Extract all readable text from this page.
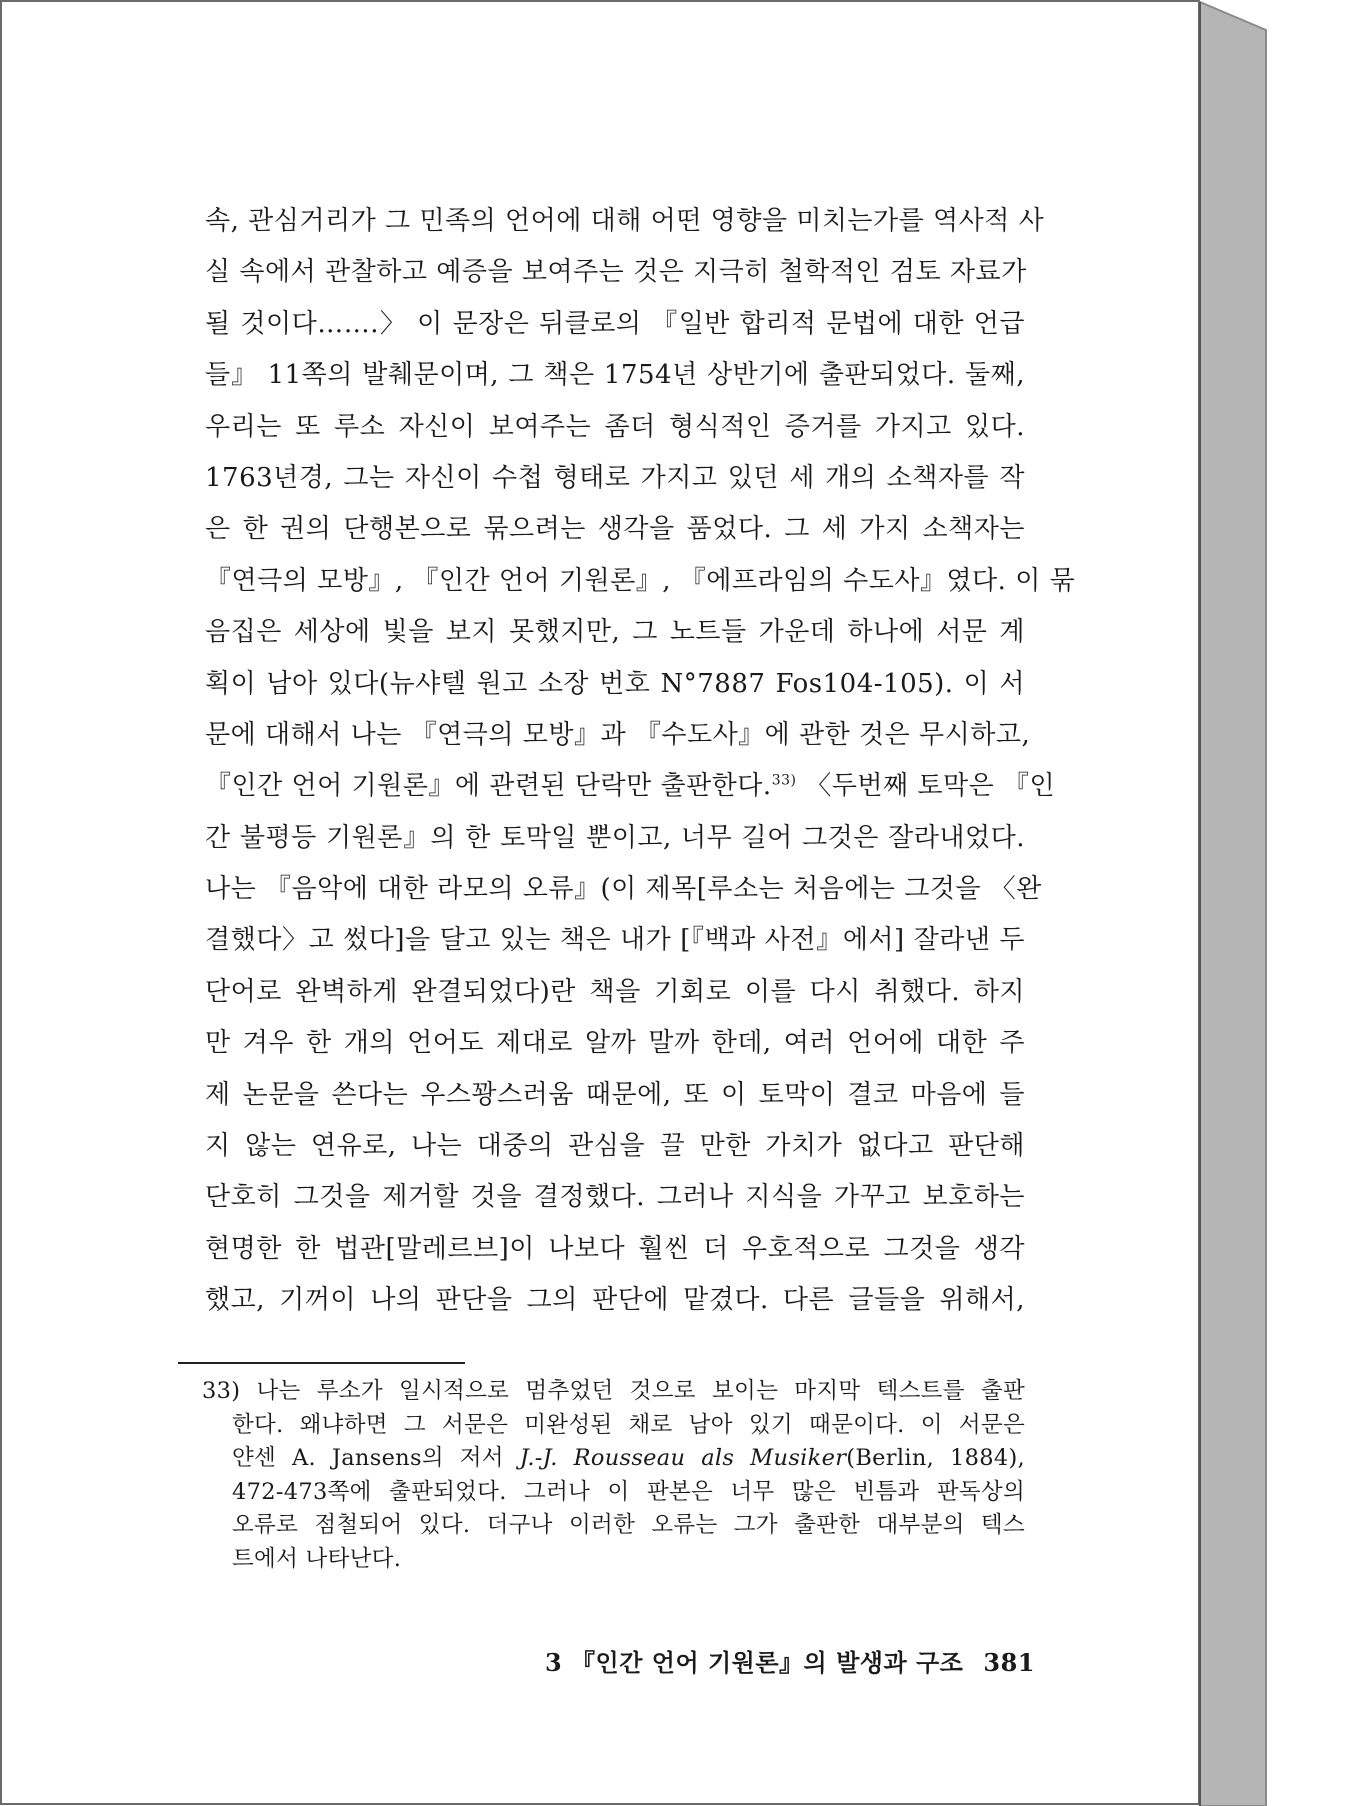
속, 관심거리가 그 민족의 언어에 대해 어떤 영향을 미치는가를 역사적 사
실 속에서 관찰하고 예증을 보여주는 것은 지극히 철학적인 검토 자료가
될 것이다…….〉 이 문장은 뒤클로의 『일반 합리적 문법에 대한 언급
들』 11쪽의 발췌문이며, 그 책은 1754년 상반기에 출판되었다. 둘째,
우리는 또 루소 자신이 보여주는 좀더 형식적인 증거를 가지고 있다.
1763년경, 그는 자신이 수첩 형태로 가지고 있던 세 개의 소책자를 작
은 한 권의 단행본으로 묶으려는 생각을 품었다. 그 세 가지 소책자는
『연극의 모방』, 『인간 언어 기원론』, 『에프라임의 수도사』였다. 이 묶
음집은 세상에 빛을 보지 못했지만, 그 노트들 가운데 하나에 서문 계
획이 남아 있다(뉴샤텔 원고 소장 번호 N°7887 Fos104-105). 이 서
문에 대해서 나는 『연극의 모방』과 『수도사』에 관한 것은 무시하고,
『인간 언어 기원론』에 관련된 단락만 출판한다.$^{33)}$ 〈두번째 토막은 『인
간 불평등 기원론』의 한 토막일 뿐이고, 너무 길어 그것은 잘라내었다.
나는 『음악에 대한 라모의 오류』(이 제목[루소는 처음에는 그것을 〈완
결했다〉고 썼다]을 달고 있는 책은 내가 [『백과 사전』에서] 잘라낸 두
단어로 완벽하게 완결되었다)란 책을 기회로 이를 다시 취했다. 하지
만 겨우 한 개의 언어도 제대로 알까 말까 한데, 여러 언어에 대한 주
제 논문을 쓴다는 우스꽝스러움 때문에, 또 이 토막이 결코 마음에 들
지 않는 연유로, 나는 대중의 관심을 끌 만한 가치가 없다고 판단해
단호히 그것을 제거할 것을 결정했다. 그러나 지식을 가꾸고 보호하는
현명한 한 법관[말레르브]이 나보다 훨씬 더 우호적으로 그것을 생각
했고, 기꺼이 나의 판단을 그의 판단에 맡겼다. 다른 글들을 위해서,
33) 나는 루소가 일시적으로 멈추었던 것으로 보이는 마지막 텍스트를 출판
한다. 왜냐하면 그 서문은 미완성된 채로 남아 있기 때문이다. 이 서문은
얀센 A. Jansens의 저서 J.-J. Rousseau als Musiker(Berlin, 1884),
472-473쪽에 출판되었다. 그러나 이 판본은 너무 많은 빈틈과 판독상의
오류로 점철되어 있다. 더구나 이러한 오류는 그가 출판한 대부분의 텍스
트에서 나타난다.
3 『인간 언어 기원론』의 발생과 구조 381
